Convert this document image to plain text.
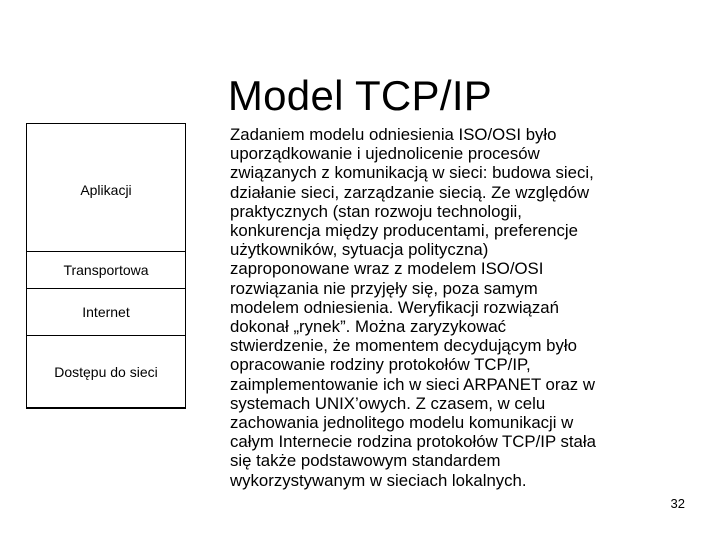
Model TCP/IP
Aplikacji
Transportowa
Internet
Dostępu do sieci

Zadaniem modelu odniesienia ISO/OSI było
uporządkowanie i ujednolicenie procesów
związanych z komunikacją w sieci: budowa sieci,
działanie sieci, zarządzanie siecią. Ze względów
praktycznych (stan rozwoju technologii,
konkurencja między producentami, preferencje
użytkowników, sytuacja polityczna)
zaproponowane wraz z modelem ISO/OSI
rozwiązania nie przyjęły się, poza samym
modelem odniesienia. Weryfikacji rozwiązań
dokonał „rynek”. Można zaryzykować
stwierdzenie, że momentem decydującym było
opracowanie rodziny protokołów TCP/IP,
zaimplementowanie ich w sieci ARPANET oraz w
systemach UNIX’owych. Z czasem, w celu
zachowania jednolitego modelu komunikacji w
całym Internecie rodzina protokołów TCP/IP stała
się także podstawowym standardem
wykorzystywanym w sieciach lokalnych.

32
